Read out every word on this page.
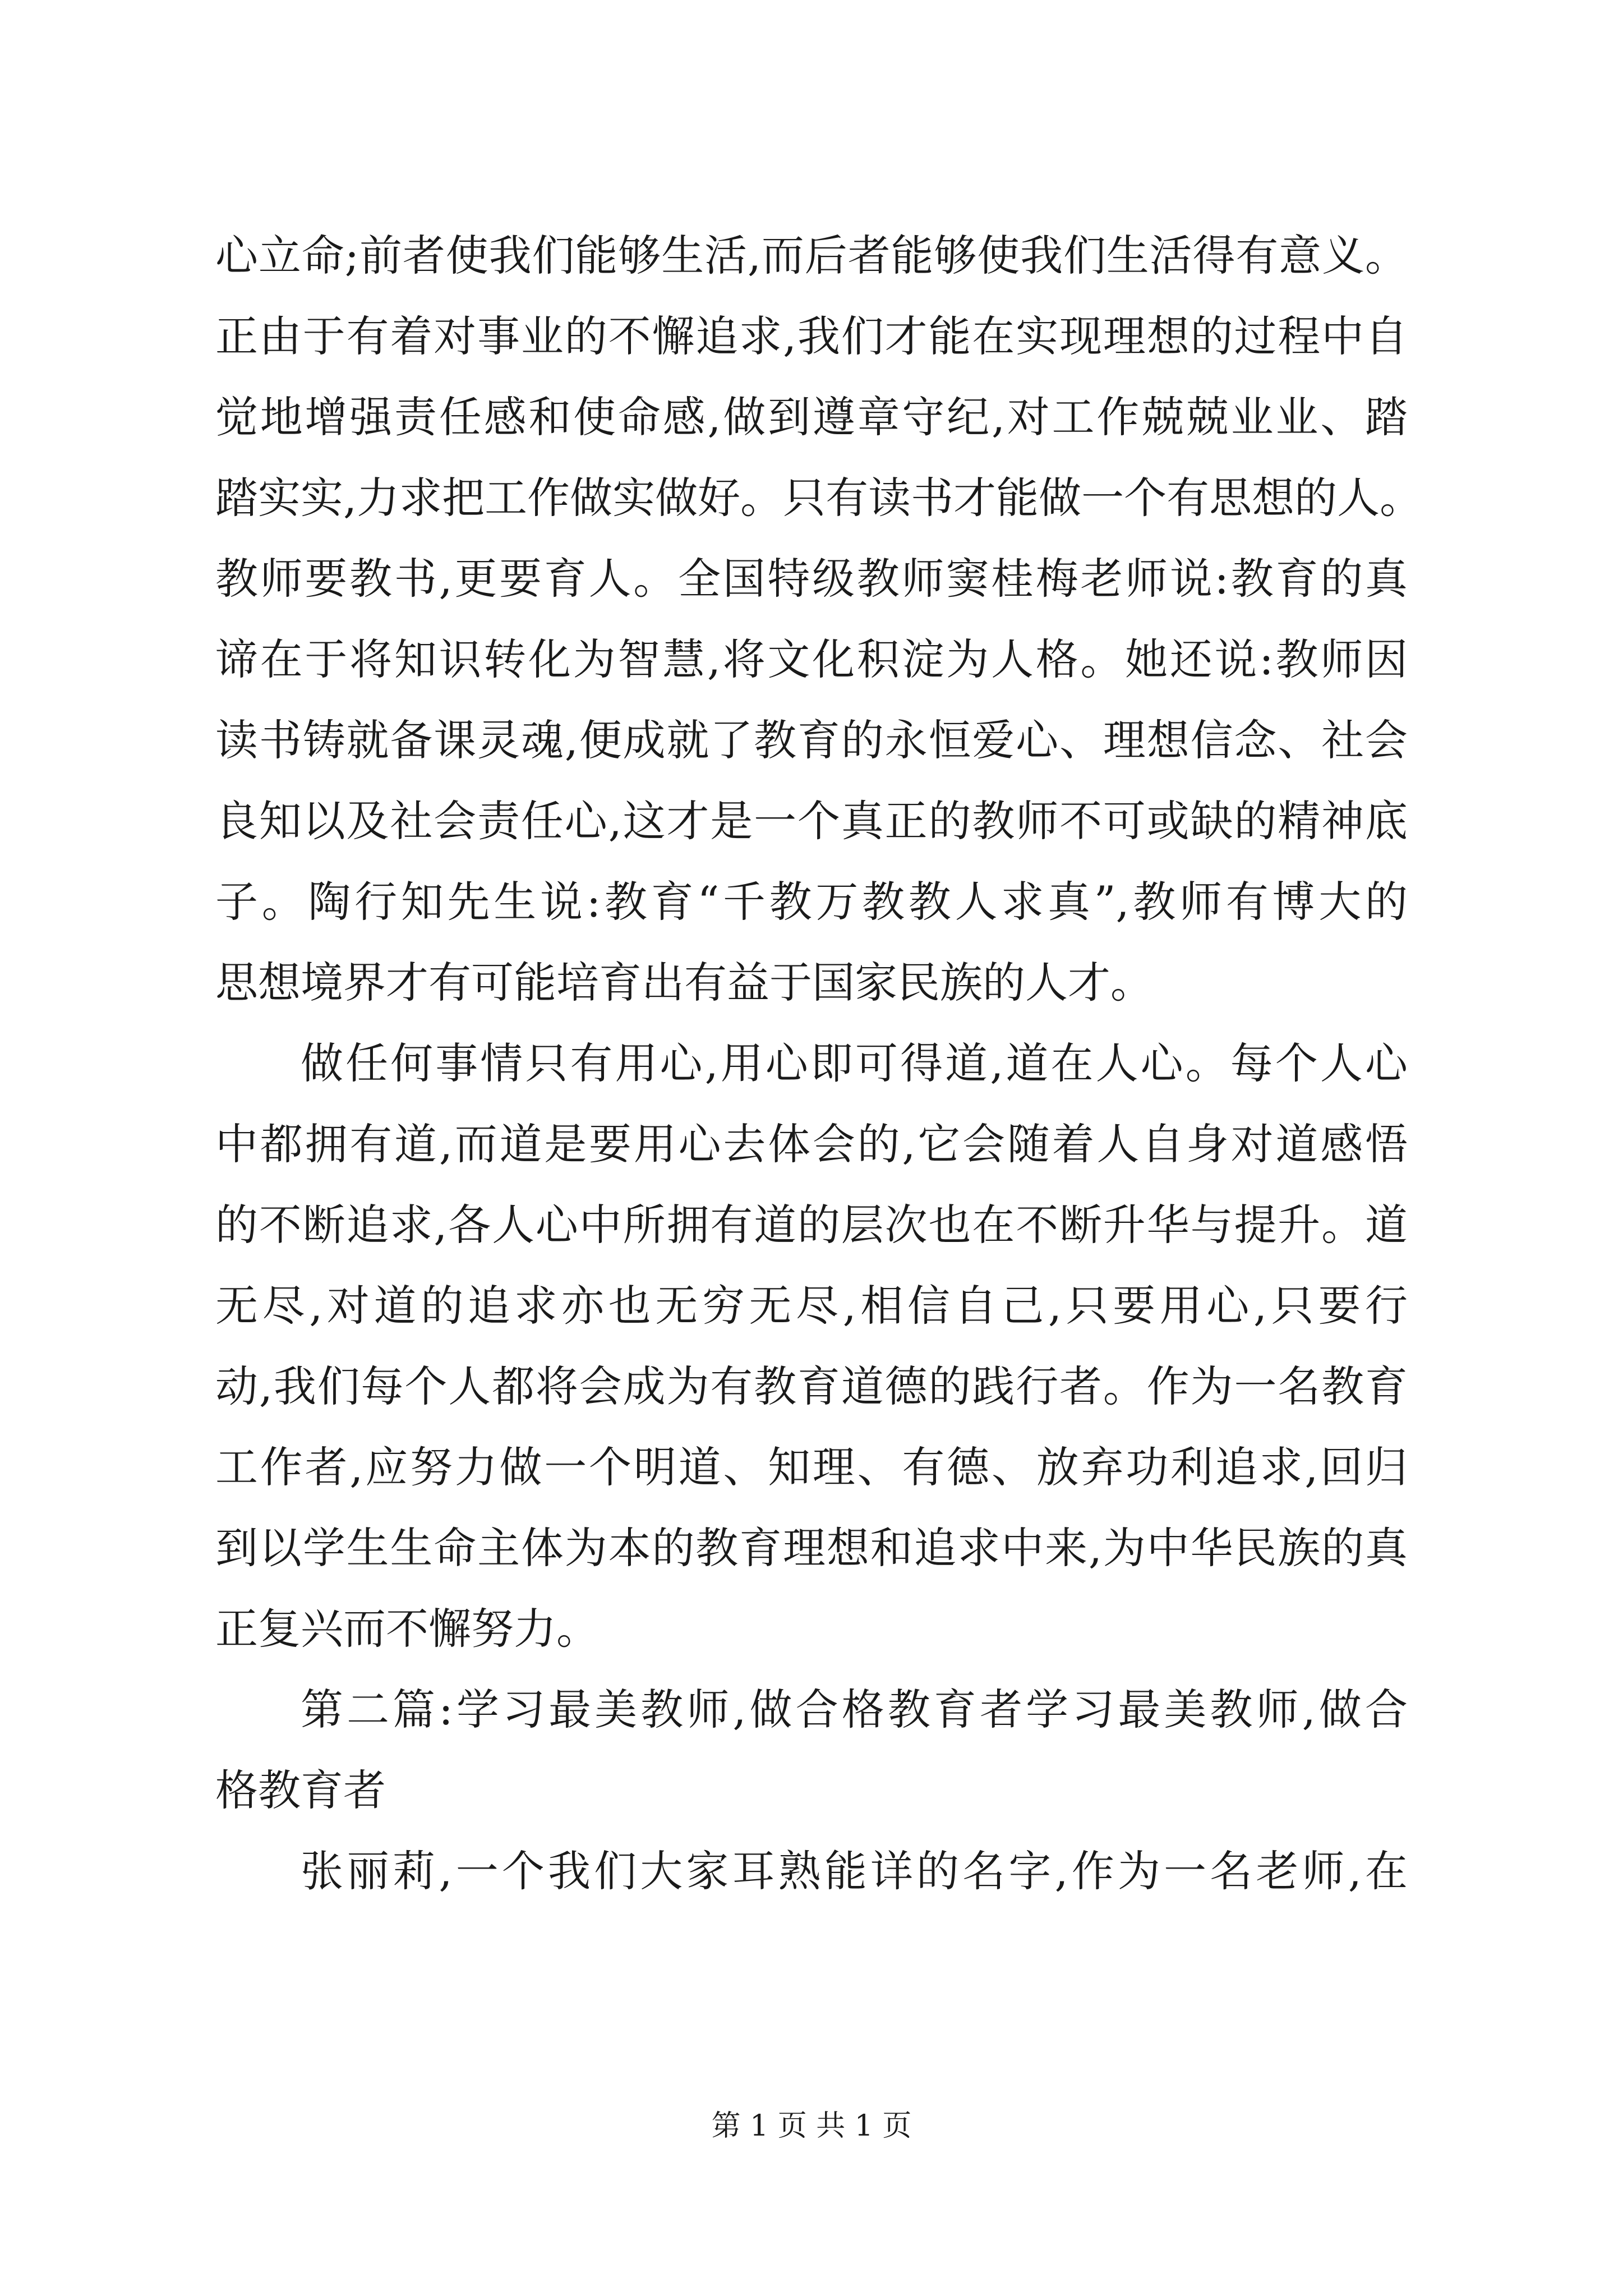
心立命;前者使我们能够生活,而后者能够使我们生活得有意义。
正由于有着对事业的不懈追求,我们才能在实现理想的过程中自
觉地增强责任感和使命感,做到遵章守纪,对工作兢兢业业、踏
踏实实,力求把工作做实做好。只有读书才能做一个有思想的人。
教师要教书,更要育人。全国特级教师窦桂梅老师说:教育的真
谛在于将知识转化为智慧,将文化积淀为人格。她还说:教师因
读书铸就备课灵魂,便成就了教育的永恒爱心、理想信念、社会
良知以及社会责任心,这才是一个真正的教师不可或缺的精神底
子。陶行知先生说:教育“千教万教教人求真”,教师有博大的
思想境界才有可能培育出有益于国家民族的人才。
做任何事情只有用心,用心即可得道,道在人心。每个人心
中都拥有道,而道是要用心去体会的,它会随着人自身对道感悟
的不断追求,各人心中所拥有道的层次也在不断升华与提升。道
无尽,对道的追求亦也无穷无尽,相信自己,只要用心,只要行
动,我们每个人都将会成为有教育道德的践行者。作为一名教育
工作者,应努力做一个明道、知理、有德、放弃功利追求,回归
到以学生生命主体为本的教育理想和追求中来,为中华民族的真
正复兴而不懈努力。
第二篇:学习最美教师,做合格教育者学习最美教师,做合
格教育者
张丽莉,一个我们大家耳熟能详的名字,作为一名老师,在
第 1 页 共 1 页
